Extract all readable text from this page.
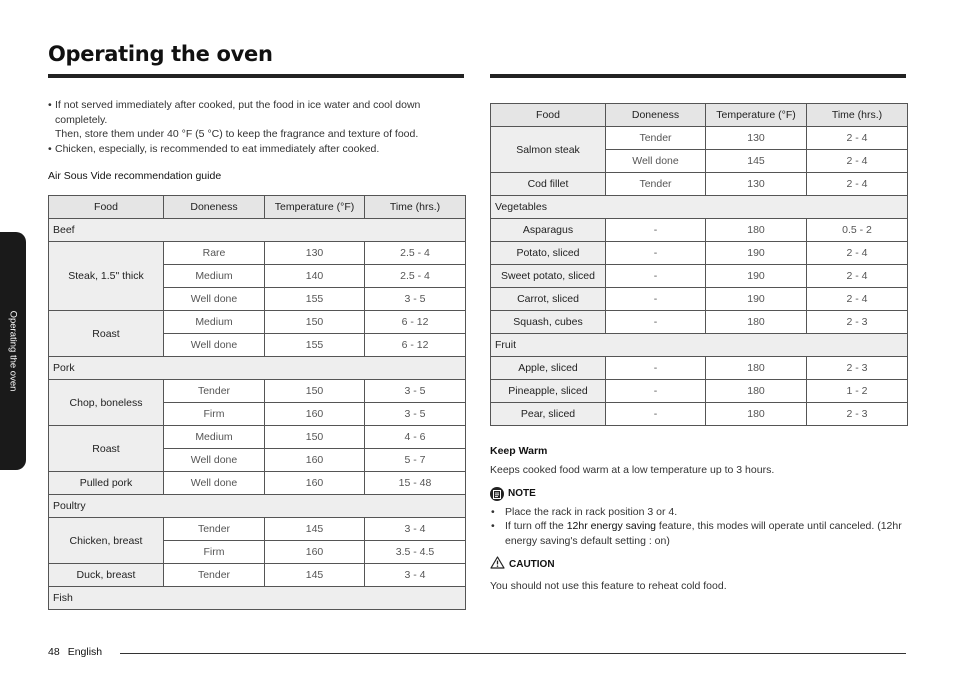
Operating the oven
Operating the oven
• If not served immediately after cooked, put the food in ice water and cool down completely.
Then, store them under 40 °F (5 °C) to keep the fragrance and texture of food.
• Chicken, especially, is recommended to eat immediately after cooked.
Air Sous Vide recommendation guide
Food	Doneness	Temperature (°F)	Time (hrs.)
Beef			
Steak, 1.5" thick	Rare	130	2.5 - 4
	Medium	140	2.5 - 4
	Well done	155	3 - 5
Roast	Medium	150	6 - 12
	Well done	155	6 - 12
Pork			
Chop, boneless	Tender	150	3 - 5
	Firm	160	3 - 5
Roast	Medium	150	4 - 6
	Well done	160	5 - 7
Pulled pork	Well done	160	15 - 48
Poultry			
Chicken, breast	Tender	145	3 - 4
	Firm	160	3.5 - 4.5
Duck, breast	Tender	145	3 - 4
Fish			
Food	Doneness	Temperature (°F)	Time (hrs.)
Salmon steak	Tender	130	2 - 4
	Well done	145	2 - 4
Cod fillet	Tender	130	2 - 4
Vegetables			
Asparagus	-	180	0.5 - 2
Potato, sliced	-	190	2 - 4
Sweet potato, sliced	-	190	2 - 4
Carrot, sliced	-	190	2 - 4
Squash, cubes	-	180	2 - 3
Fruit			
Apple, sliced	-	180	2 - 3
Pineapple, sliced	-	180	1 - 2
Pear, sliced	-	180	2 - 3
Keep Warm
Keeps cooked food warm at a low temperature up to 3 hours.
NOTE
• Place the rack in rack position 3 or 4.
• If turn off the 12hr energy saving feature, this modes will operate until canceled. (12hr energy saving's default setting : on)
CAUTION
You should not use this feature to reheat cold food.
48 English
